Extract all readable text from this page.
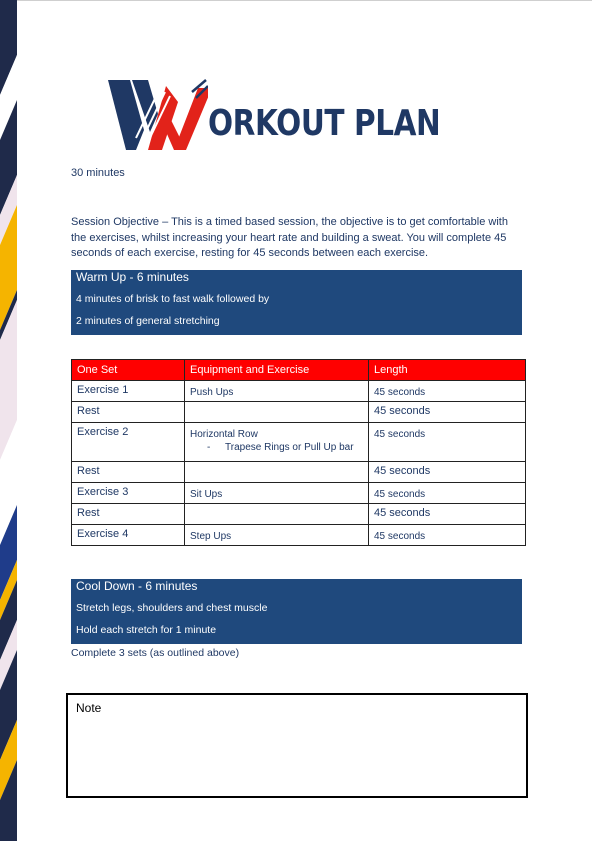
ORKOUT PLAN
30 minutes
Session Objective – This is a timed based session, the objective is to get comfortable with the exercises, whilst increasing your heart rate and building a sweat. You will complete 45 seconds of each exercise, resting for 45 seconds between each exercise.
Warm Up - 6 minutes
4 minutes of brisk to fast walk followed by
2 minutes of general stretching
One Set	Equipment and Exercise	Length
Exercise 1	Push Ups	45 seconds
Rest		45 seconds
Exercise 2	Horizontal Row
- Trapese Rings or Pull Up bar	45 seconds
Rest		45 seconds
Exercise 3	Sit Ups	45 seconds
Rest		45 seconds
Exercise 4	Step Ups	45 seconds
Cool Down - 6 minutes
Stretch legs, shoulders and chest muscle
Hold each stretch for 1 minute
Complete 3 sets (as outlined above)
Note
